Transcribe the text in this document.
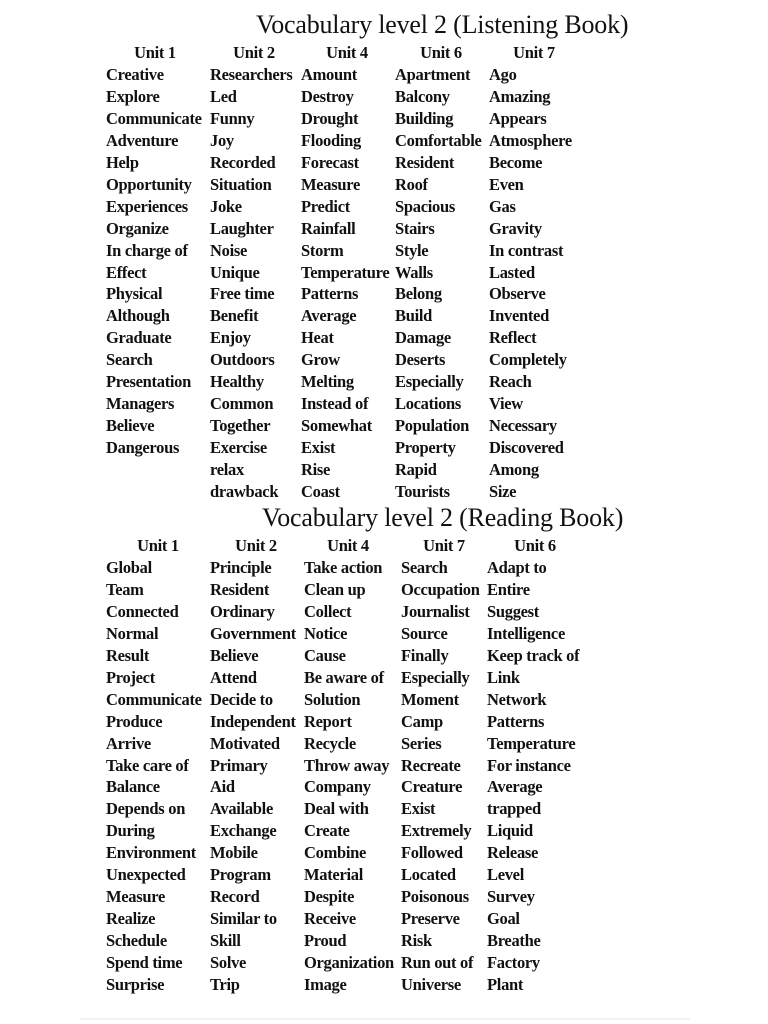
Vocabulary level 2 (Listening Book)
Unit 1
Creative
Explore
Communicate
Adventure
Help
Opportunity
Experiences
Organize
In charge of
Effect
Physical
Although
Graduate
Search
Presentation
Managers
Believe
Dangerous
Unit 2
Researchers
Led
Funny
Joy
Recorded
Situation
Joke
Laughter
Noise
Unique
Free time
Benefit
Enjoy
Outdoors
Healthy
Common
Together
Exercise
relax
drawback
Unit 4
Amount
Destroy
Drought
Flooding
Forecast
Measure
Predict
Rainfall
Storm
Temperature
Patterns
Average
Heat
Grow
Melting
Instead of
Somewhat
Exist
Rise
Coast
Unit 6
Apartment
Balcony
Building
Comfortable
Resident
Roof
Spacious
Stairs
Style
Walls
Belong
Build
Damage
Deserts
Especially
Locations
Population
Property
Rapid
Tourists
Unit 7
Ago
Amazing
Appears
Atmosphere
Become
Even
Gas
Gravity
In contrast
Lasted
Observe
Invented
Reflect
Completely
Reach
View
Necessary
Discovered
Among
Size
Vocabulary level 2 (Reading Book)
Unit 1
Global
Team
Connected
Normal
Result
Project
Communicate
Produce
Arrive
Take care of
Balance
Depends on
During
Environment
Unexpected
Measure
Realize
Schedule
Spend time
Surprise
Unit 2
Principle
Resident
Ordinary
Government
Believe
Attend
Decide to
Independent
Motivated
Primary
Aid
Available
Exchange
Mobile
Program
Record
Similar to
Skill
Solve
Trip
Unit 4
Take action
Clean up
Collect
Notice
Cause
Be aware of
Solution
Report
Recycle
Throw away
Company
Deal with
Create
Combine
Material
Despite
Receive
Proud
Organization
Image
Unit 7
Search
Occupation
Journalist
Source
Finally
Especially
Moment
Camp
Series
Recreate
Creature
Exist
Extremely
Followed
Located
Poisonous
Preserve
Risk
Run out of
Universe
Unit 6
Adapt to
Entire
Suggest
Intelligence
Keep track of
Link
Network
Patterns
Temperature
For instance
Average
trapped
Liquid
Release
Level
Survey
Goal
Breathe
Factory
Plant
